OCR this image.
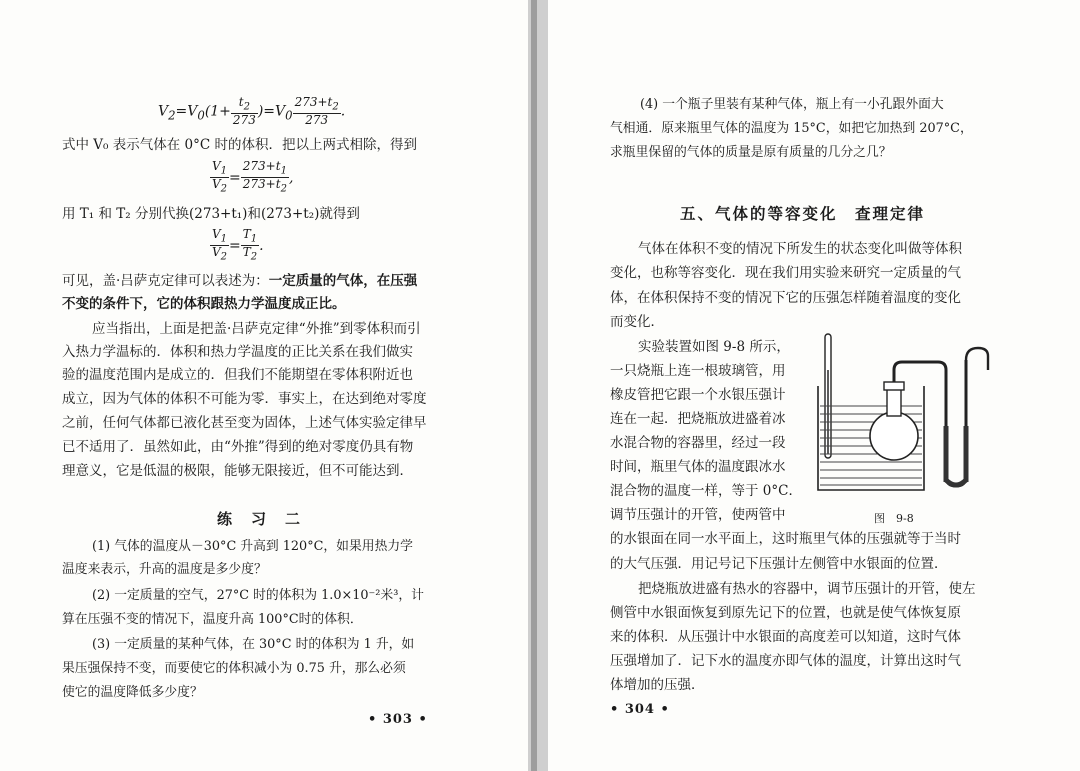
$V_2=V_0(1+ \frac{t_2}{273} )=V_0 \frac{273+t_2}{273}$ .
式中 V₀ 表示气体在 0°C 时的体积．把以上两式相除，得到
$\frac{V_1}{V_2} = \frac{273+t_1}{273+t_2}$ ,
用 T₁ 和 T₂ 分别代换(273+t₁)和(273+t₂)就得到
$\frac{V_1}{V_2} = \frac{T_1}{T_2}$ .
可见，盖·吕萨克定律可以表述为：一定质量的气体，在压强
不变的条件下，它的体积跟热力学温度成正比。
应当指出，上面是把盖·吕萨克定律“外推”到零体积而引
入热力学温标的．体积和热力学温度的正比关系在我们做实
验的温度范围内是成立的．但我们不能期望在零体积附近也
成立，因为气体的体积不可能为零．事实上，在达到绝对零度
之前，任何气体都已液化甚至变为固体，上述气体实验定律早
已不适用了．虽然如此，由“外推”得到的绝对零度仍具有物
理意义，它是低温的极限，能够无限接近，但不可能达到．
练　习　二
(1) 气体的温度从－30°C 升高到 120°C，如果用热力学
温度来表示，升高的温度是多少度？
(2) 一定质量的空气，27°C 时的体积为 1.0×10⁻²米³，计
算在压强不变的情况下，温度升高 100°C时的体积．
(3) 一定质量的某种气体，在 30°C 时的体积为 1 升，如
果压强保持不变，而要使它的体积减小为 0.75 升，那么必须
使它的温度降低多少度？
• 303 •
(4) 一个瓶子里装有某种气体，瓶上有一小孔跟外面大
气相通．原来瓶里气体的温度为 15°C，如把它加热到 207°C，
求瓶里保留的气体的质量是原有质量的几分之几？
五、气体的等容变化　查理定律
气体在体积不变的情况下所发生的状态变化叫做等体积
变化，也称等容变化．现在我们用实验来研究一定质量的气
体，在体积保持不变的情况下它的压强怎样随着温度的变化
而变化．
实验装置如图 9-8 所示，
一只烧瓶上连一根玻璃管，用
橡皮管把它跟一个水银压强计
连在一起．把烧瓶放进盛着冰
水混合物的容器里，经过一段
时间，瓶里气体的温度跟冰水
混合物的温度一样，等于 0°C．
调节压强计的开管，使两管中	图　9-8
的水银面在同一水平面上，这时瓶里气体的压强就等于当时
的大气压强．用记号记下压强计左侧管中水银面的位置．
把烧瓶放进盛有热水的容器中，调节压强计的开管，使左
侧管中水银面恢复到原先记下的位置，也就是使气体恢复原
来的体积．从压强计中水银面的高度差可以知道，这时气体
压强增加了．记下水的温度亦即气体的温度，计算出这时气
体增加的压强．
• 304 •
